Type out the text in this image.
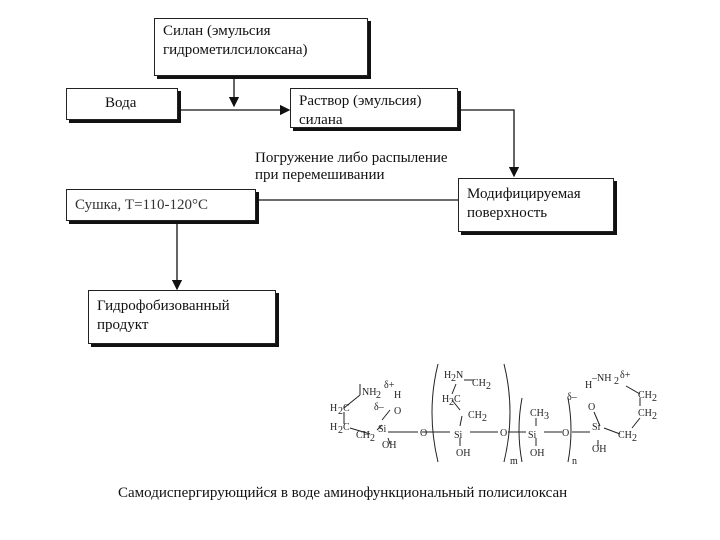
Силан (эмульсия
гидрометилсилоксана)
Вода	Раствор (эмульсия)
силана
Погружение либо распыление
при перемешивании
Модифицируемая
поверхность
Сушка, T=110-120°C
Гидрофобизованный
продукт
H 2 C
NH 2
δ+
H
δ– O
H 2 C
CH 2
Si
OH
O
H 2 N
CH 2
H 2 C
CH 2
Si
OH
O
CH 3
Si
OH
O
δ–
H
–NH 2
δ+
O
Si
CH 2
CH 2
CH 2
OH
m	n
Самодиспергирующийся в воде аминофункциональный полисилоксан
